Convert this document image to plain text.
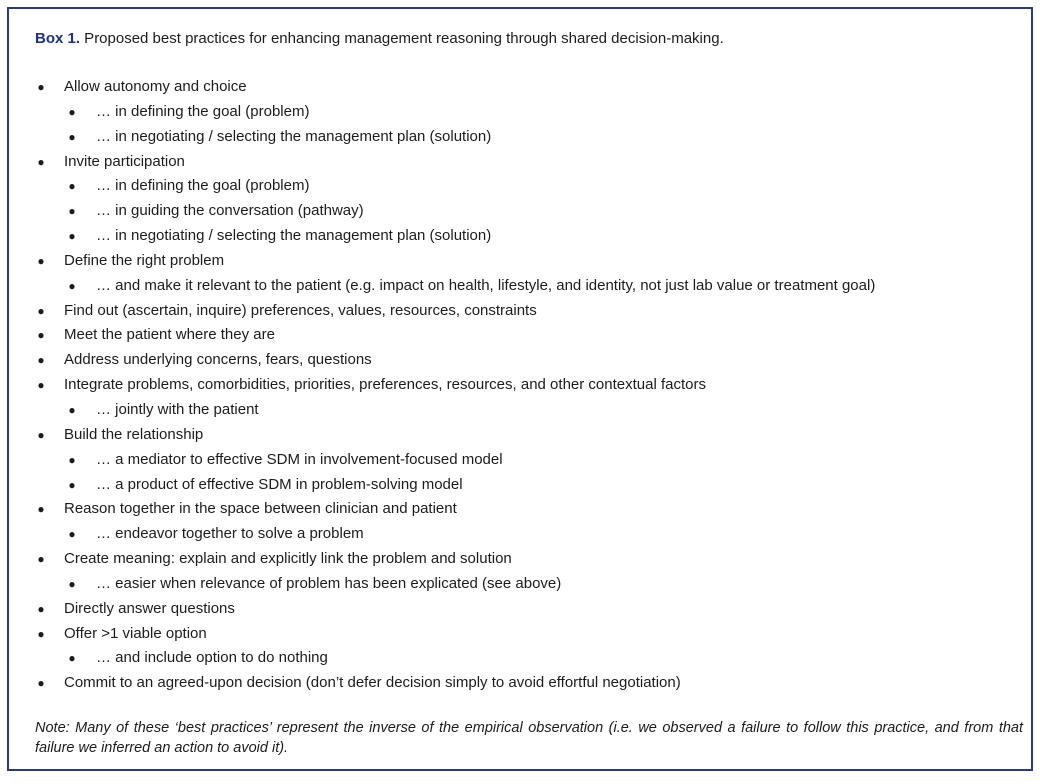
Box 1. Proposed best practices for enhancing management reasoning through shared decision-making.
● Allow autonomy and choice
● … in defining the goal (problem)
● … in negotiating / selecting the management plan (solution)
● Invite participation
● … in defining the goal (problem)
● … in guiding the conversation (pathway)
● … in negotiating / selecting the management plan (solution)
● Define the right problem
● … and make it relevant to the patient (e.g. impact on health, lifestyle, and identity, not just lab value or treatment goal)
● Find out (ascertain, inquire) preferences, values, resources, constraints
● Meet the patient where they are
● Address underlying concerns, fears, questions
● Integrate problems, comorbidities, priorities, preferences, resources, and other contextual factors
● … jointly with the patient
● Build the relationship
● … a mediator to effective SDM in involvement-focused model
● … a product of effective SDM in problem-solving model
● Reason together in the space between clinician and patient
● … endeavor together to solve a problem
● Create meaning: explain and explicitly link the problem and solution
● … easier when relevance of problem has been explicated (see above)
● Directly answer questions
● Offer >1 viable option
● … and include option to do nothing
● Commit to an agreed-upon decision (don’t defer decision simply to avoid effortful negotiation)
Note: Many of these ‘best practices’ represent the inverse of the empirical observation (i.e. we observed a failure to follow this practice, and from that failure we inferred an action to avoid it).
